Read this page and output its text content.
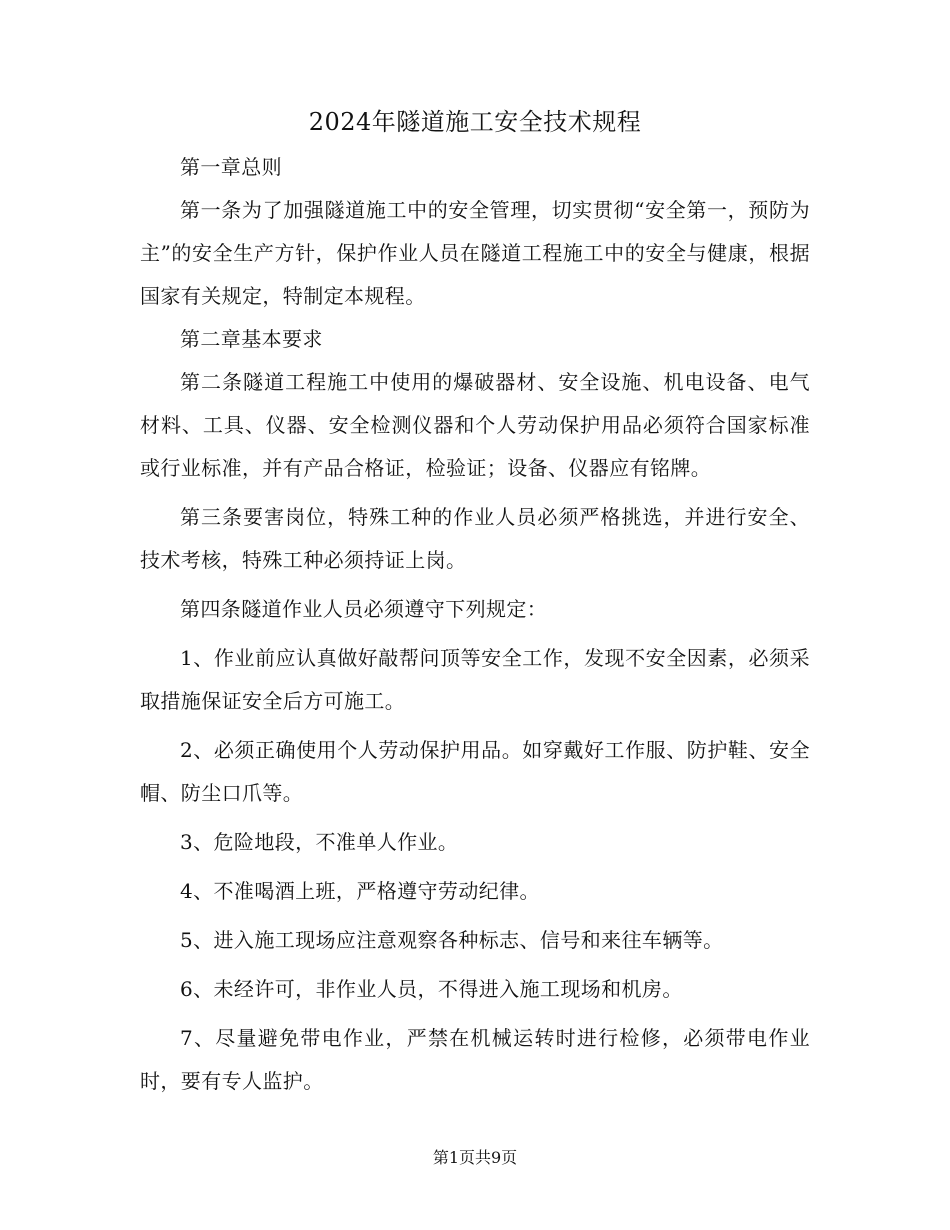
2024年隧道施工安全技术规程

第一章总则

第一条为了加强隧道施工中的安全管理，切实贯彻“安全第一，预防为主”的安全生产方针，保护作业人员在隧道工程施工中的安全与健康，根据国家有关规定，特制定本规程。

第二章基本要求

第二条隧道工程施工中使用的爆破器材、安全设施、机电设备、电气材料、工具、仪器、安全检测仪器和个人劳动保护用品必须符合国家标准或行业标准，并有产品合格证，检验证；设备、仪器应有铭牌。

第三条要害岗位，特殊工种的作业人员必须严格挑选，并进行安全、技术考核，特殊工种必须持证上岗。

第四条隧道作业人员必须遵守下列规定：

1、作业前应认真做好敲帮问顶等安全工作，发现不安全因素，必须采取措施保证安全后方可施工。

2、必须正确使用个人劳动保护用品。如穿戴好工作服、防护鞋、安全帽、防尘口爪等。

3、危险地段，不准单人作业。

4、不准喝酒上班，严格遵守劳动纪律。

5、进入施工现场应注意观察各种标志、信号和来往车辆等。

6、未经许可，非作业人员，不得进入施工现场和机房。

7、尽量避免带电作业，严禁在机械运转时进行检修，必须带电作业时，要有专人监护。

第1页共9页
